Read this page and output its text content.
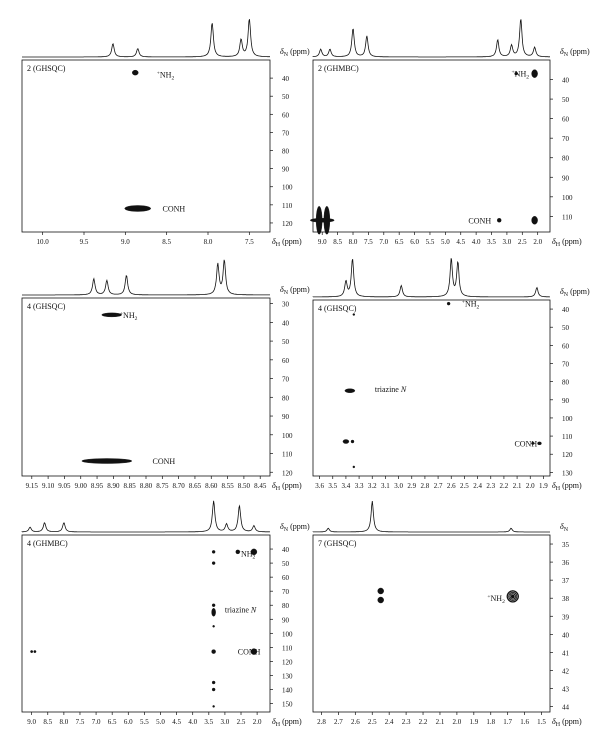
2 (GHSQC)
40
50
60
70
80
90
100
110
120
$\delta_N$ (ppm)
10.0	9.5	9.0	8.5	8.0	7.5 $\delta_H$ (ppm)
$^+NH_2$
CONH
2 (GHMBC)
40
50
60
70
80
90
100
110
$\delta_N$ (ppm)
9.0 8.5 8.0 7.5 7.0 6.5 6.0 5.5 5.0 4.5 4.0 3.5 3.0 2.5 2.0 $\delta_H$ (ppm)
$^+NH_2$
CONH
4 (GHSQC)	30
40
50
60
70
80
90
100
110
120
$\delta_N$ (ppm)
9.15 9.10 9.05 9.00 8.95 8.90 8.85 8.80 8.75 8.70 8.65 8.60 8.55 8.50 8.45 $\delta_H$ (ppm)
$^+NH_2$
CONH
4 (GHSQC)	40
50
60
70
80
90
100
110
120
130
$\delta_N$ (ppm)
3.6 3.5 3.4 3.3 3.2 3.1 3.0 2.9 2.8 2.7 2.6 2.5 2.4 2.3 2.2 2.1 2.0 1.9 $\delta_H$ (ppm)
$^+NH_2$
triazine N
CONH
4 (GHMBC)
40
50
60
70
80
90
100
110
120
130
140
150
$\delta_N$ (ppm)
9.0 8.5 8.0 7.5 7.0 6.5 6.0 5.5 5.0 4.5 4.0 3.5 3.0 2.5 2.0 $\delta_H$ (ppm)
$^+NH_2$
triazine N
CONH
7 (GHSQC)	35
36
37
38
39
40
41
42
43
44
$\delta_N$
2.8 2.7 2.6 2.5 2.4 2.3 2.2 2.1 2.0 1.9 1.8 1.7 1.6 1.5 $\delta_H$ (ppm)
$^+NH_2$
